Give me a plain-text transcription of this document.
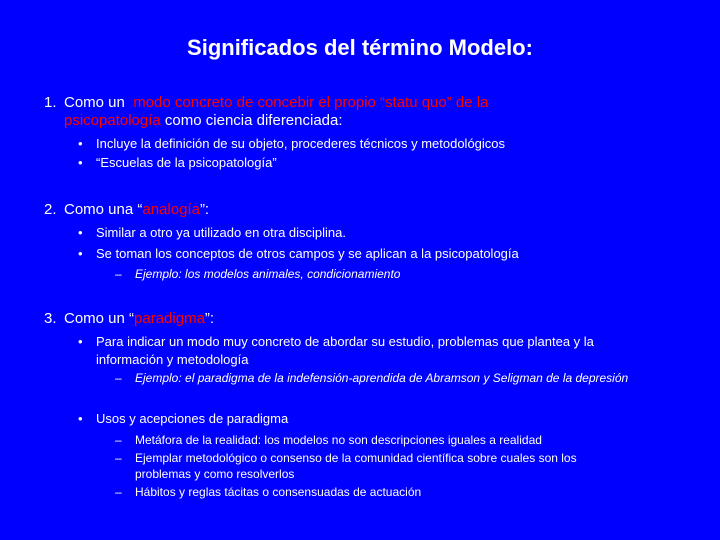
Significados del término Modelo:
1. Como un modo concreto de concebir el propio “statu quo” de la
psicopatología como ciencia diferenciada:
• Incluye la definición de su objeto, procederes técnicos y metodológicos
• “Escuelas de la psicopatología”
2. Como una “analogía”:
• Similar a otro ya utilizado en otra disciplina.
• Se toman los conceptos de otros campos y se aplican a la psicopatología
– Ejemplo: los modelos animales, condicionamiento
3. Como un “paradigma”:
• Para indicar un modo muy concreto de abordar su estudio, problemas que plantea y la
información y metodología
– Ejemplo: el paradigma de la indefensión-aprendida de Abramson y Seligman de la depresión
• Usos y acepciones de paradigma
– Metáfora de la realidad: los modelos no son descripciones iguales a realidad
– Ejemplar metodológico o consenso de la comunidad científica sobre cuales son los
problemas y como resolverlos
– Hábitos y reglas tácitas o consensuadas de actuación
